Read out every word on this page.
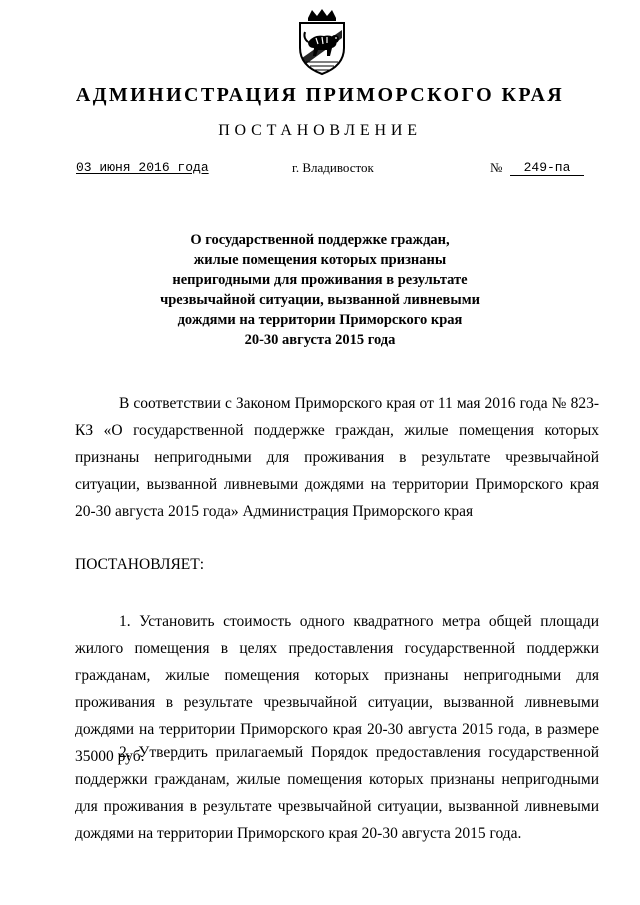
АДМИНИСТРАЦИЯ ПРИМОРСКОГО КРАЯ
ПОСТАНОВЛЕНИЕ
03 июня 2016 года	г. Владивосток	№	249-па
О государственной поддержке граждан,
жилые помещения которых признаны
непригодными для проживания в результате
чрезвычайной ситуации, вызванной ливневыми
дождями на территории Приморского края
20-30 августа 2015 года
В соответствии с Законом Приморского края от 11 мая 2016 года № 823-КЗ «О государственной поддержке граждан, жилые помещения которых признаны непригодными для проживания в результате чрезвычайной ситуации, вызванной ливневыми дождями на территории Приморского края 20-30 августа 2015 года» Администрация Приморского края
ПОСТАНОВЛЯЕТ:
1. Установить стоимость одного квадратного метра общей площади жилого помещения в целях предоставления государственной поддержки гражданам, жилые помещения которых признаны непригодными для проживания в результате чрезвычайной ситуации, вызванной ливневыми дождями на территории Приморского края 20-30 августа 2015 года, в размере 35000 руб.
2. Утвердить прилагаемый Порядок предоставления государственной поддержки гражданам, жилые помещения которых признаны непригодными для проживания в результате чрезвычайной ситуации, вызванной ливневыми дождями на территории Приморского края 20-30 августа 2015 года.
